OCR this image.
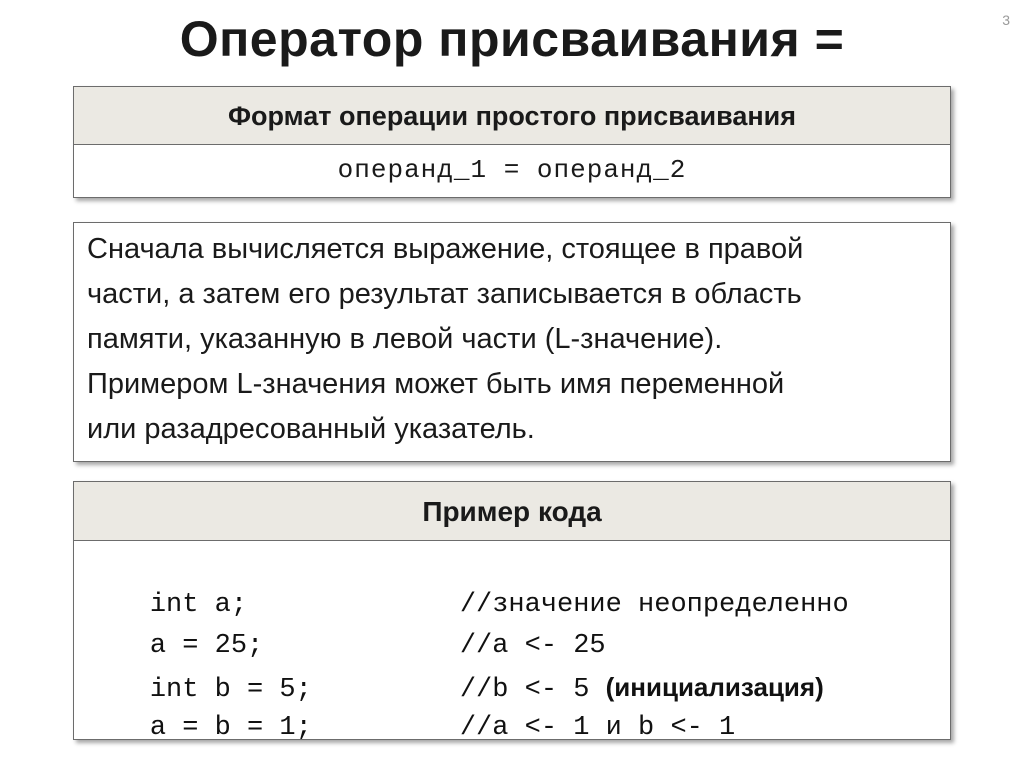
3
Оператор присваивания =
Формат операции простого присваивания
операнд_1 = операнд_2
Сначала вычисляется выражение, стоящее в правой
части, а затем его результат записывается в область
памяти, указанную в левой части (L-значение).
Примером L-значения может быть имя переменной
или разадресованный указатель.
Пример кода

int a;	//значение неопределенно

a = 25;	//a <- 25

int b = 5;	//b <- 5 (инициализация)

a = b = 1;	//a <- 1 и b <- 1
